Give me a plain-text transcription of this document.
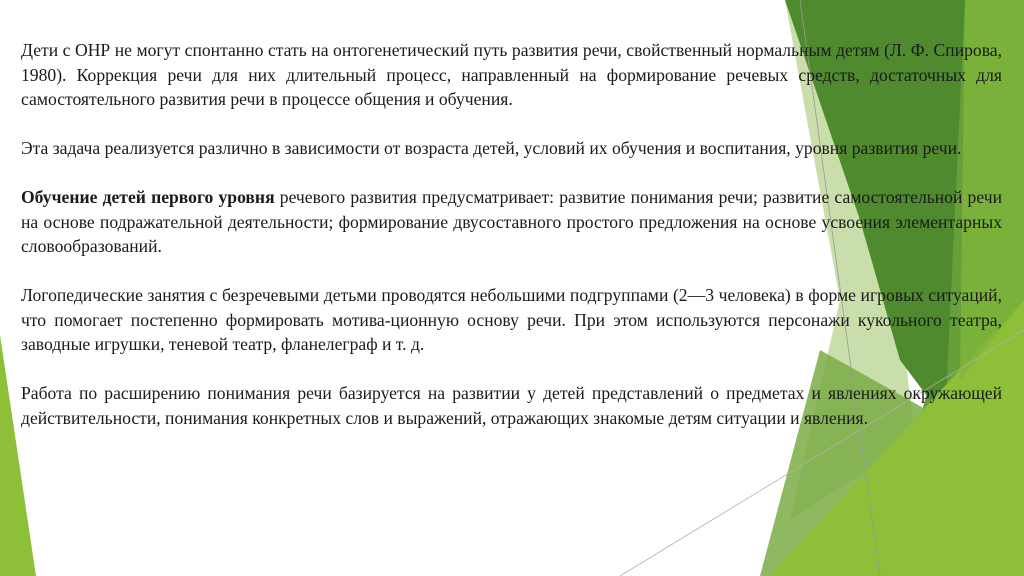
Дети с ОНР не могут спонтанно стать на онтогенетический путь развития речи, свойственный нормальным детям (Л. Ф. Спирова, 1980). Коррекция речи для них длительный процесс, направленный на формирование речевых средств, достаточных для самостоятельного развития речи в процессе общения и обучения.

Эта задача реализуется различно в зависимости от возраста детей, условий их обучения и воспитания, уровня развития речи.

Обучение детей первого уровня речевого развития предусматривает: развитие понимания речи; развитие самостоятельной речи на основе подражательной деятельности; формирование двусоставного простого предложения на основе усвоения элементарных словообразований.

Логопедические занятия с безречевыми детьми проводятся небольшими подгруппами (2—3 человека) в форме игровых ситуаций, что помогает постепенно формировать мотива-ционную основу речи. При этом используются персонажи кукольного театра, заводные игрушки, теневой театр, фланелеграф и т. д.

Работа по расширению понимания речи базируется на развитии у детей представлений о предметах и явлениях окружающей действительности, понимания конкретных слов и выражений, отражающих знакомые детям ситуации и явления.
